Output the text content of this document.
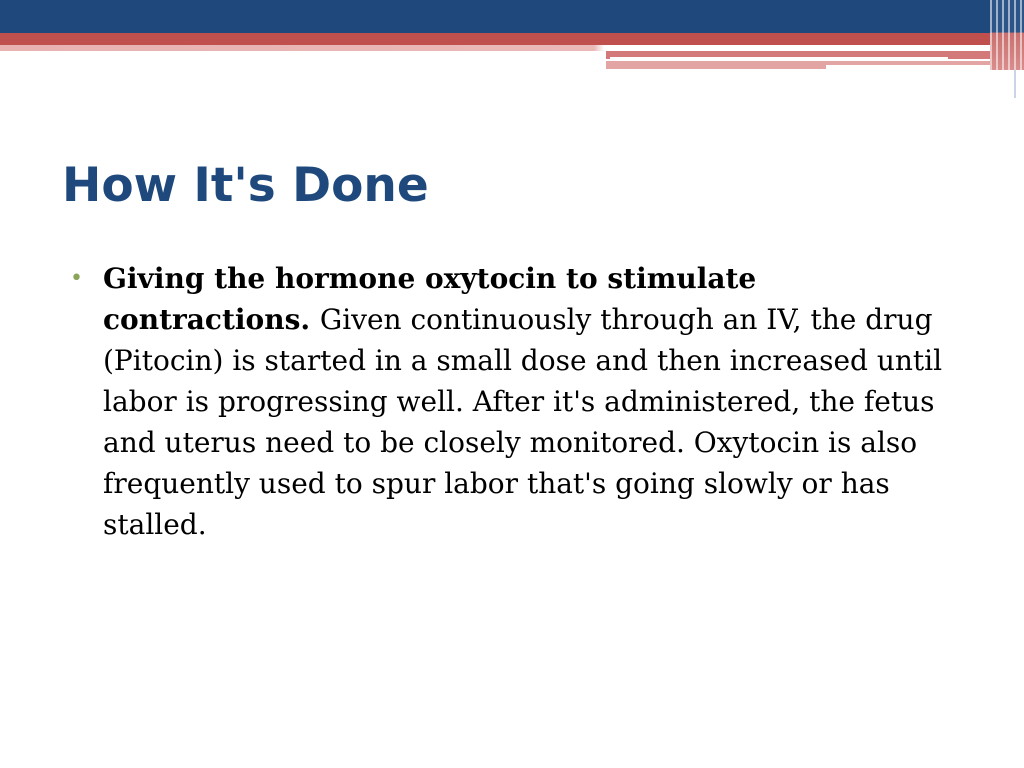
How It's Done
• Giving the hormone oxytocin to stimulate contractions. Given continuously through an IV, the drug (Pitocin) is started in a small dose and then increased until labor is progressing well. After it's administered, the fetus and uterus need to be closely monitored. Oxytocin is also frequently used to spur labor that's going slowly or has stalled.
